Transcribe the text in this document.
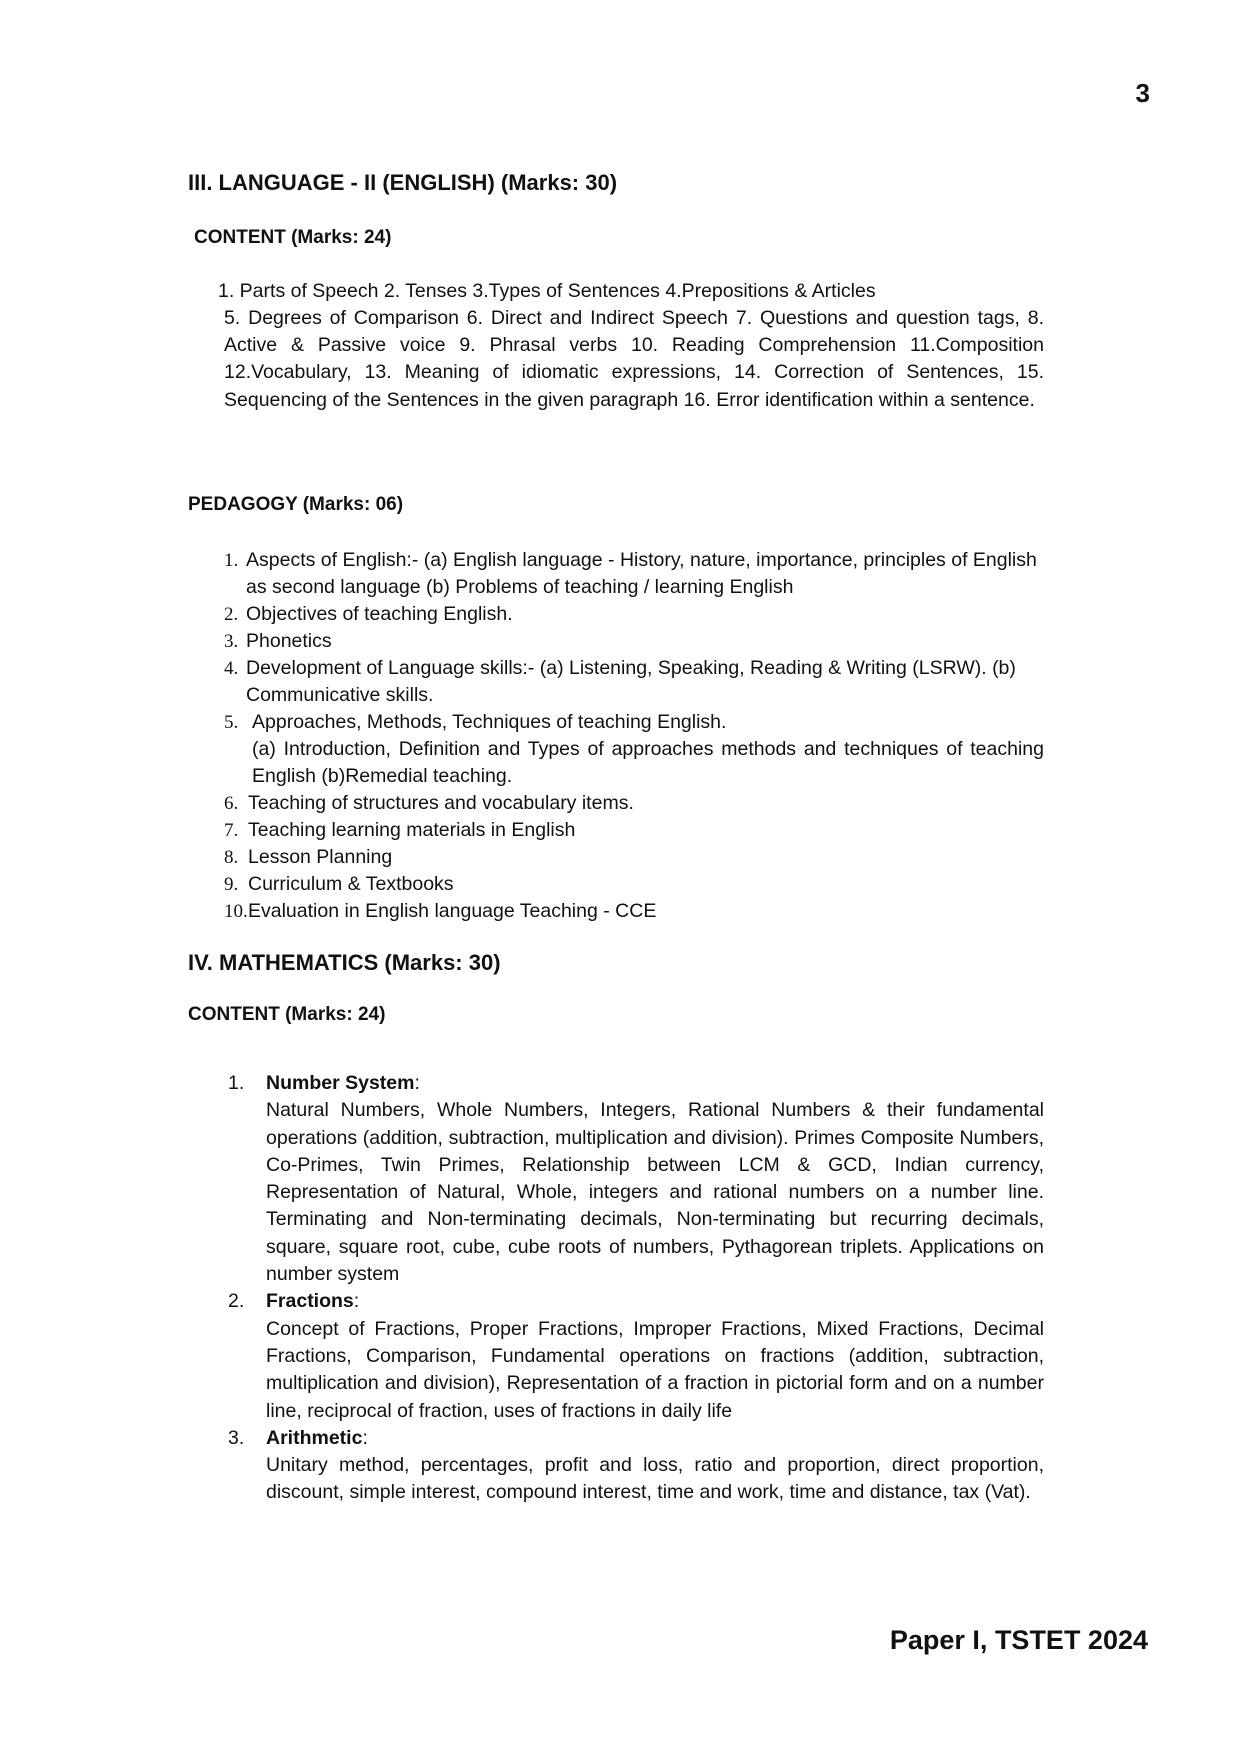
3
III. LANGUAGE - II (ENGLISH) (Marks: 30)
CONTENT (Marks: 24)
1. Parts of Speech 2. Tenses 3.Types of Sentences 4.Prepositions & Articles
5. Degrees of Comparison 6. Direct and Indirect Speech 7. Questions and question tags, 8. Active & Passive voice 9. Phrasal verbs 10. Reading Comprehension 11.Composition 12.Vocabulary, 13. Meaning of idiomatic expressions, 14. Correction of Sentences, 15. Sequencing of the Sentences in the given paragraph 16. Error identification within a sentence.
PEDAGOGY (Marks: 06)
1. Aspects of English:- (a) English language - History, nature, importance, principles of English as second language (b) Problems of teaching / learning English
2. Objectives of teaching English.
3. Phonetics
4. Development of Language skills:- (a) Listening, Speaking, Reading & Writing (LSRW). (b) Communicative skills.
5. Approaches, Methods, Techniques of teaching English.
(a) Introduction, Definition and Types of approaches methods and techniques of teaching English (b)Remedial teaching.
6. Teaching of structures and vocabulary items.
7. Teaching learning materials in English
8. Lesson Planning
9. Curriculum & Textbooks
10. Evaluation in English language Teaching - CCE
IV. MATHEMATICS (Marks: 30)
CONTENT (Marks: 24)
1.	Number System:
Natural Numbers, Whole Numbers, Integers, Rational Numbers & their fundamental operations (addition, subtraction, multiplication and division). Primes Composite Numbers, Co-Primes, Twin Primes, Relationship between LCM & GCD, Indian currency, Representation of Natural, Whole, integers and rational numbers on a number line. Terminating and Non-terminating decimals, Non-terminating but recurring decimals, square, square root, cube, cube roots of numbers, Pythagorean triplets. Applications on number system
2.	Fractions:
Concept of Fractions, Proper Fractions, Improper Fractions, Mixed Fractions, Decimal Fractions, Comparison, Fundamental operations on fractions (addition, subtraction, multiplication and division), Representation of a fraction in pictorial form and on a number line, reciprocal of fraction, uses of fractions in daily life
3.	Arithmetic:
Unitary method, percentages, profit and loss, ratio and proportion, direct proportion, discount, simple interest, compound interest, time and work, time and distance, tax (Vat).
Paper I, TSTET 2024
